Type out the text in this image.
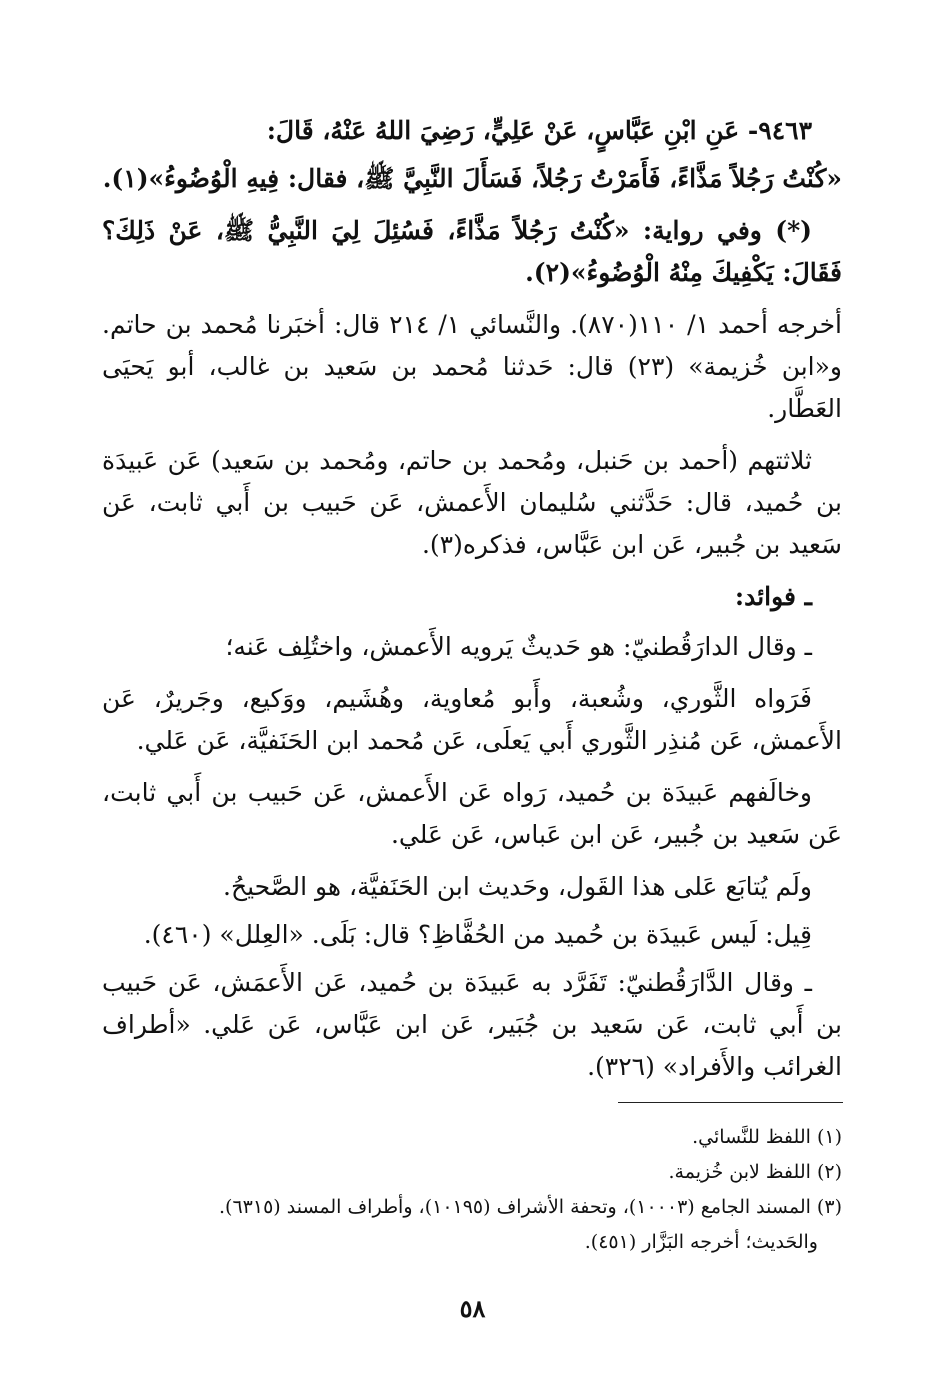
٩٤٦٣- عَنِ ابْنِ عَبَّاسٍ، عَنْ عَلِيٍّ، رَضِيَ اللهُ عَنْهُ، قَالَ:

«كُنْتُ رَجُلاً مَذَّاءً، فَأَمَرْتُ رَجُلاً، فَسَأَلَ النَّبِيَّ ﷺ، فقال: فِيهِ الْوُضُوءُ»(١).

(*) وفي رواية: «كُنْتُ رَجُلاً مَذَّاءً، فَسُئِلَ لِيَ النَّبِيُّ ﷺ، عَنْ ذَلِكَ؟ فَقَالَ: يَكْفِيكَ مِنْهُ الْوُضُوءُ»(٢).

أخرجه أحمد ١/ ١١٠(٨٧٠). والنَّسائي ١/ ٢١٤ قال: أخبَرنا مُحمد بن حاتم. و«ابن خُزيمة» (٢٣) قال: حَدثنا مُحمد بن سَعيد بن غالب، أبو يَحيَى العَطَّار.

ثلاثتهم (أحمد بن حَنبل، ومُحمد بن حاتم، ومُحمد بن سَعيد) عَن عَبيدَة بن حُميد، قال: حَدَّثني سُليمان الأَعمش، عَن حَبيب بن أَبي ثابت، عَن سَعيد بن جُبير، عَن ابن عَبَّاس، فذكره(٣).

ـ فوائد:

ـ وقال الدارَقُطنيّ: هو حَديثٌ يَرويه الأَعمش، واختُلِف عَنه؛

فَرَواه الثَّوري، وشُعبة، وأَبو مُعاوية، وهُشَيم، ووَكيع، وجَريرٌ، عَن الأَعمش، عَن مُنذِر الثَّوري أَبي يَعلَى، عَن مُحمد ابن الحَنَفيَّة، عَن عَلي.

وخالَفهم عَبيدَة بن حُميد، رَواه عَن الأَعمش، عَن حَبيب بن أَبي ثابت، عَن سَعيد بن جُبير، عَن ابن عَباس، عَن عَلي.

ولَم يُتابَع عَلى هذا القَول، وحَديث ابن الحَنَفيَّة، هو الصَّحيحُ.

قِيل: لَيس عَبيدَة بن حُميد من الحُفَّاظِ؟ قال: بَلَى. «العِلل» (٤٦٠).

ـ وقال الدَّارَقُطنيّ: تَفَرَّد به عَبيدَة بن حُميد، عَن الأَعمَش، عَن حَبيب بن أَبي ثابت، عَن سَعيد بن جُبَير، عَن ابن عَبَّاس، عَن عَلي. «أطراف الغرائب والأَفراد» (٣٢٦).

(١) اللفظ للنَّسائي.

(٢) اللفظ لابن خُزيمة.

(٣) المسند الجامع (١٠٠٠٣)، وتحفة الأشراف (١٠١٩٥)، وأطراف المسند (٦٣١٥).

والحَديث؛ أخرجه البَزَّار (٤٥١).

٥٨
